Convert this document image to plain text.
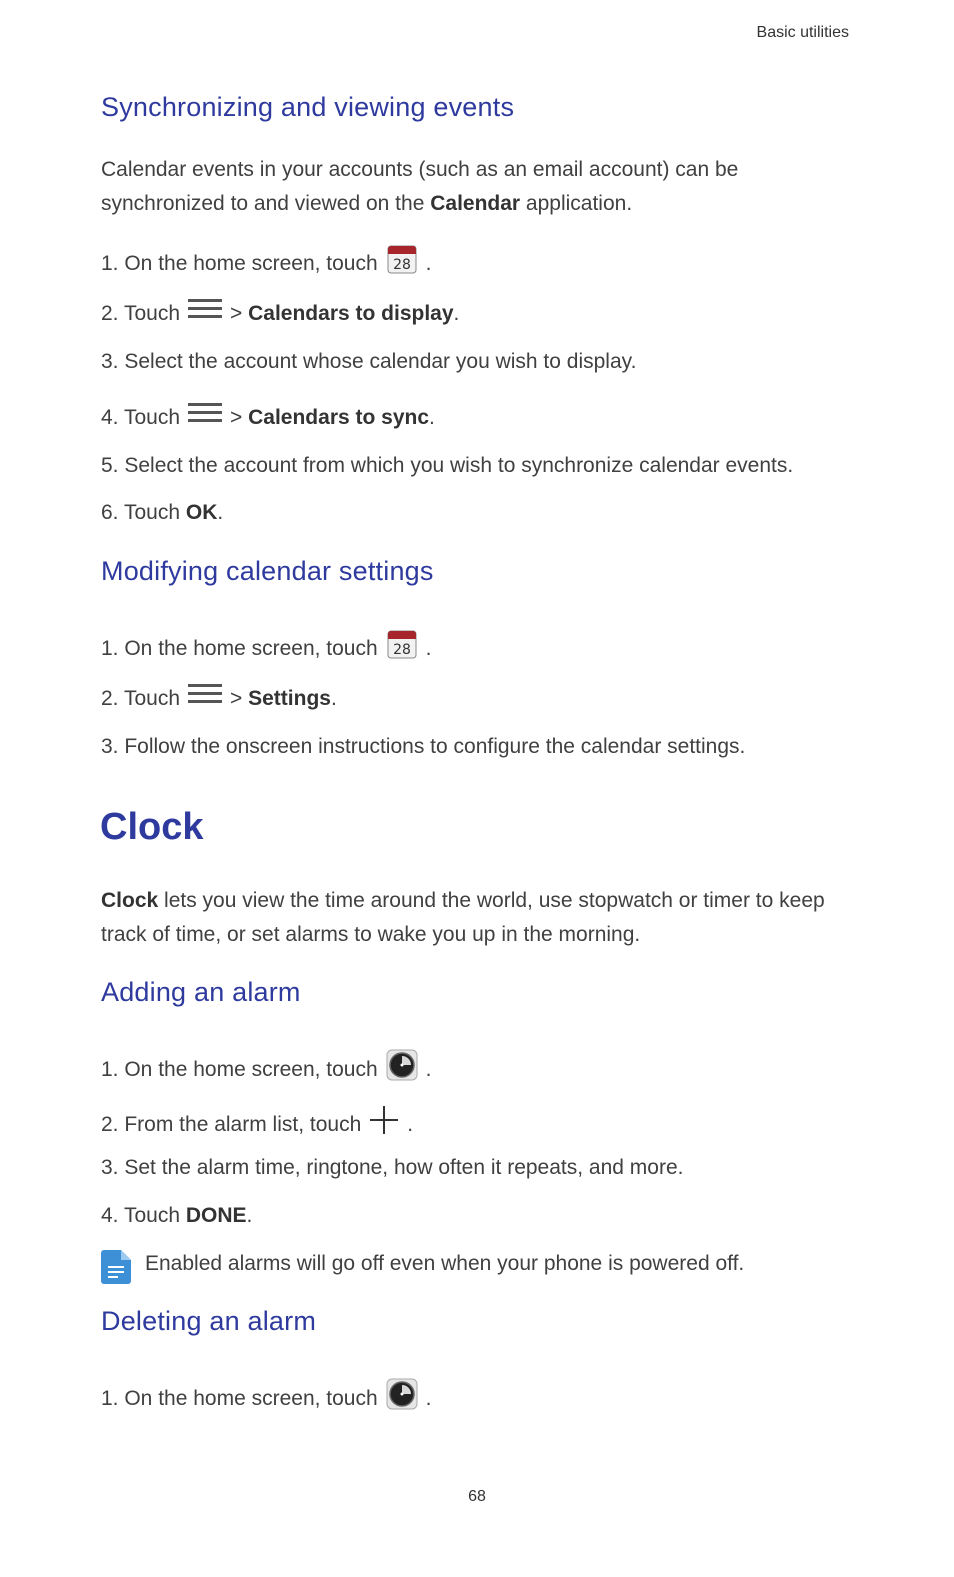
Basic utilities
Synchronizing and viewing events
Calendar events in your accounts (such as an email account) can be synchronized to and viewed on the Calendar application.
1. On the home screen, touch 28 .
2. Touch >
Calendars to display .
3. Select the account whose calendar you wish to display.
4. Touch >
Calendars to sync .
5. Select the account from which you wish to synchronize calendar events.
6. Touch
OK .
Modifying calendar settings
1. On the home screen, touch 28 .
2. Touch >
Settings .
3. Follow the onscreen instructions to configure the calendar settings.
Clock
Clock lets you view the time around the world, use stopwatch or timer to keep track of time, or set alarms to wake you up in the morning.
Adding an alarm
1. On the home screen, touch .
2. From the alarm list, touch .
3. Set the alarm time, ringtone, how often it repeats, and more.
4. Touch
DONE .
Enabled alarms will go off even when your phone is powered off.
Deleting an alarm
1. On the home screen, touch .
68
